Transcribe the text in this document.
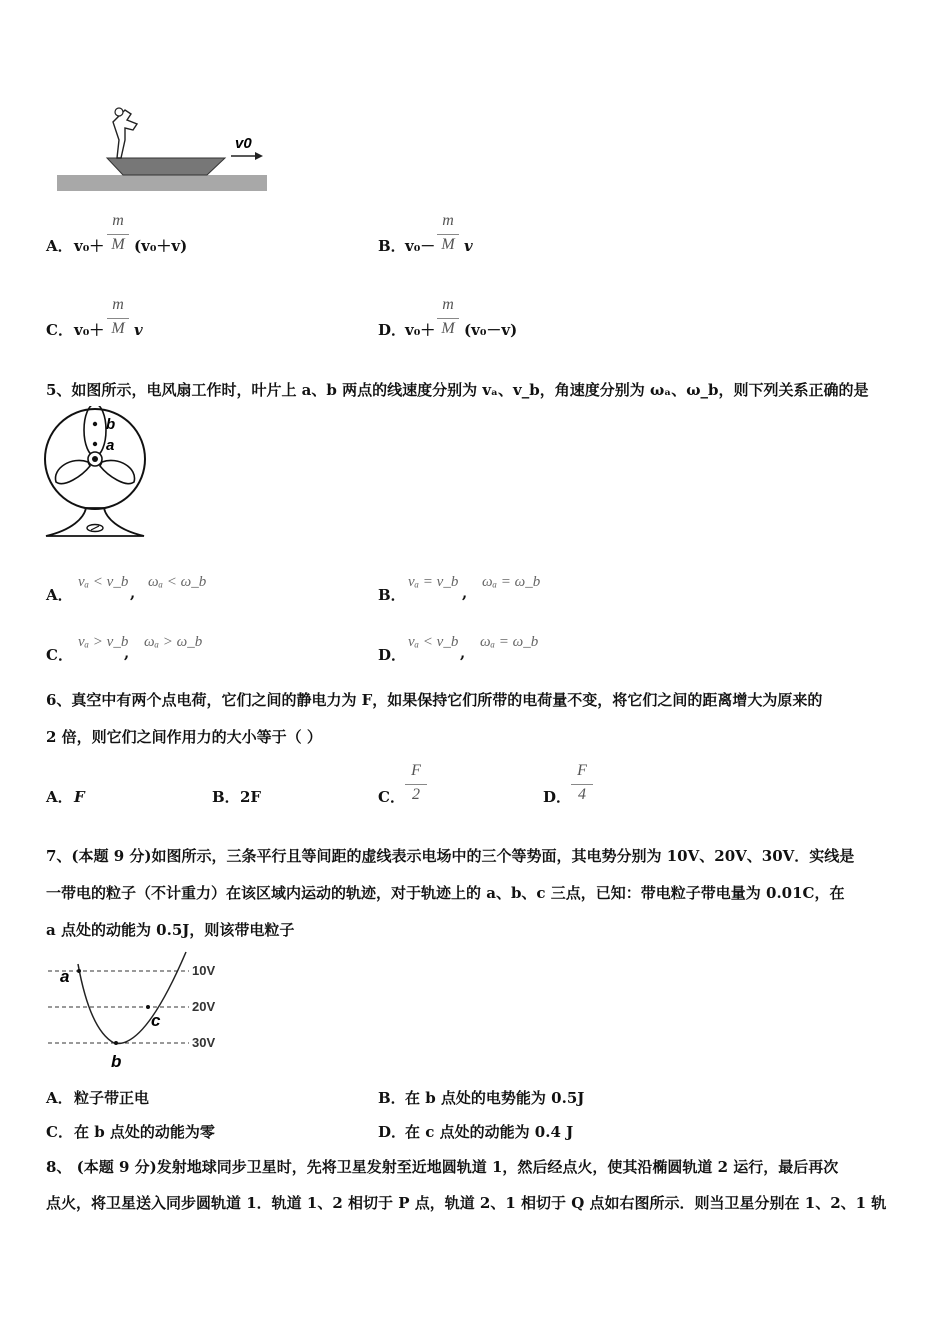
v0
A． v₀＋
m
M (v₀＋v)	B． v₀－
m
M v
C． v₀＋
m
M v	D．
v₀＋
m
M (v₀－v)
5、如图所示，电风扇工作时，叶片上 a、b 两点的线速度分别为 vₐ、v_b，角速度分别为 ωₐ、ω_b，则下列关系正确的是
b
a
A．
vₐ < v_b
,
ωₐ < ω_b
B．
vₐ = v_b
,
ωₐ = ω_b
C．
vₐ > v_b
,
ωₐ > ω_b
D．
vₐ < v_b
,
ωₐ = ω_b
6、真空中有两个点电荷，它们之间的静电力为 F，如果保持它们所带的电荷量不变，将它们之间的距离增大为原来的
2 倍，则它们之间作用力的大小等于（ ）
A． F	B． 2F	C．
F
2	D．
F
4
7、(本题 9 分)如图所示，三条平行且等间距的虚线表示电场中的三个等势面，其电势分别为 10V、20V、30V．实线是
一带电的粒子（不计重力）在该区域内运动的轨迹，对于轨迹上的 a、b、c 三点，已知：带电粒子带电量为 0.01C，在
a 点处的动能为 0.5J，则该带电粒子
10V
20V
30V
a
b
c
A． 粒子带正电	B． 在 b 点处的电势能为 0.5J
C． 在 b 点处的动能为零	D．
在 c 点处的动能为 0.4 J
8、 (本题 9 分)发射地球同步卫星时，先将卫星发射至近地圆轨道 1，然后经点火，使其沿椭圆轨道 2 运行，最后再次
点火，将卫星送入同步圆轨道 1．轨道 1、2 相切于 P 点，轨道 2、1 相切于 Q 点如右图所示．则当卫星分别在 1、2、1 轨
